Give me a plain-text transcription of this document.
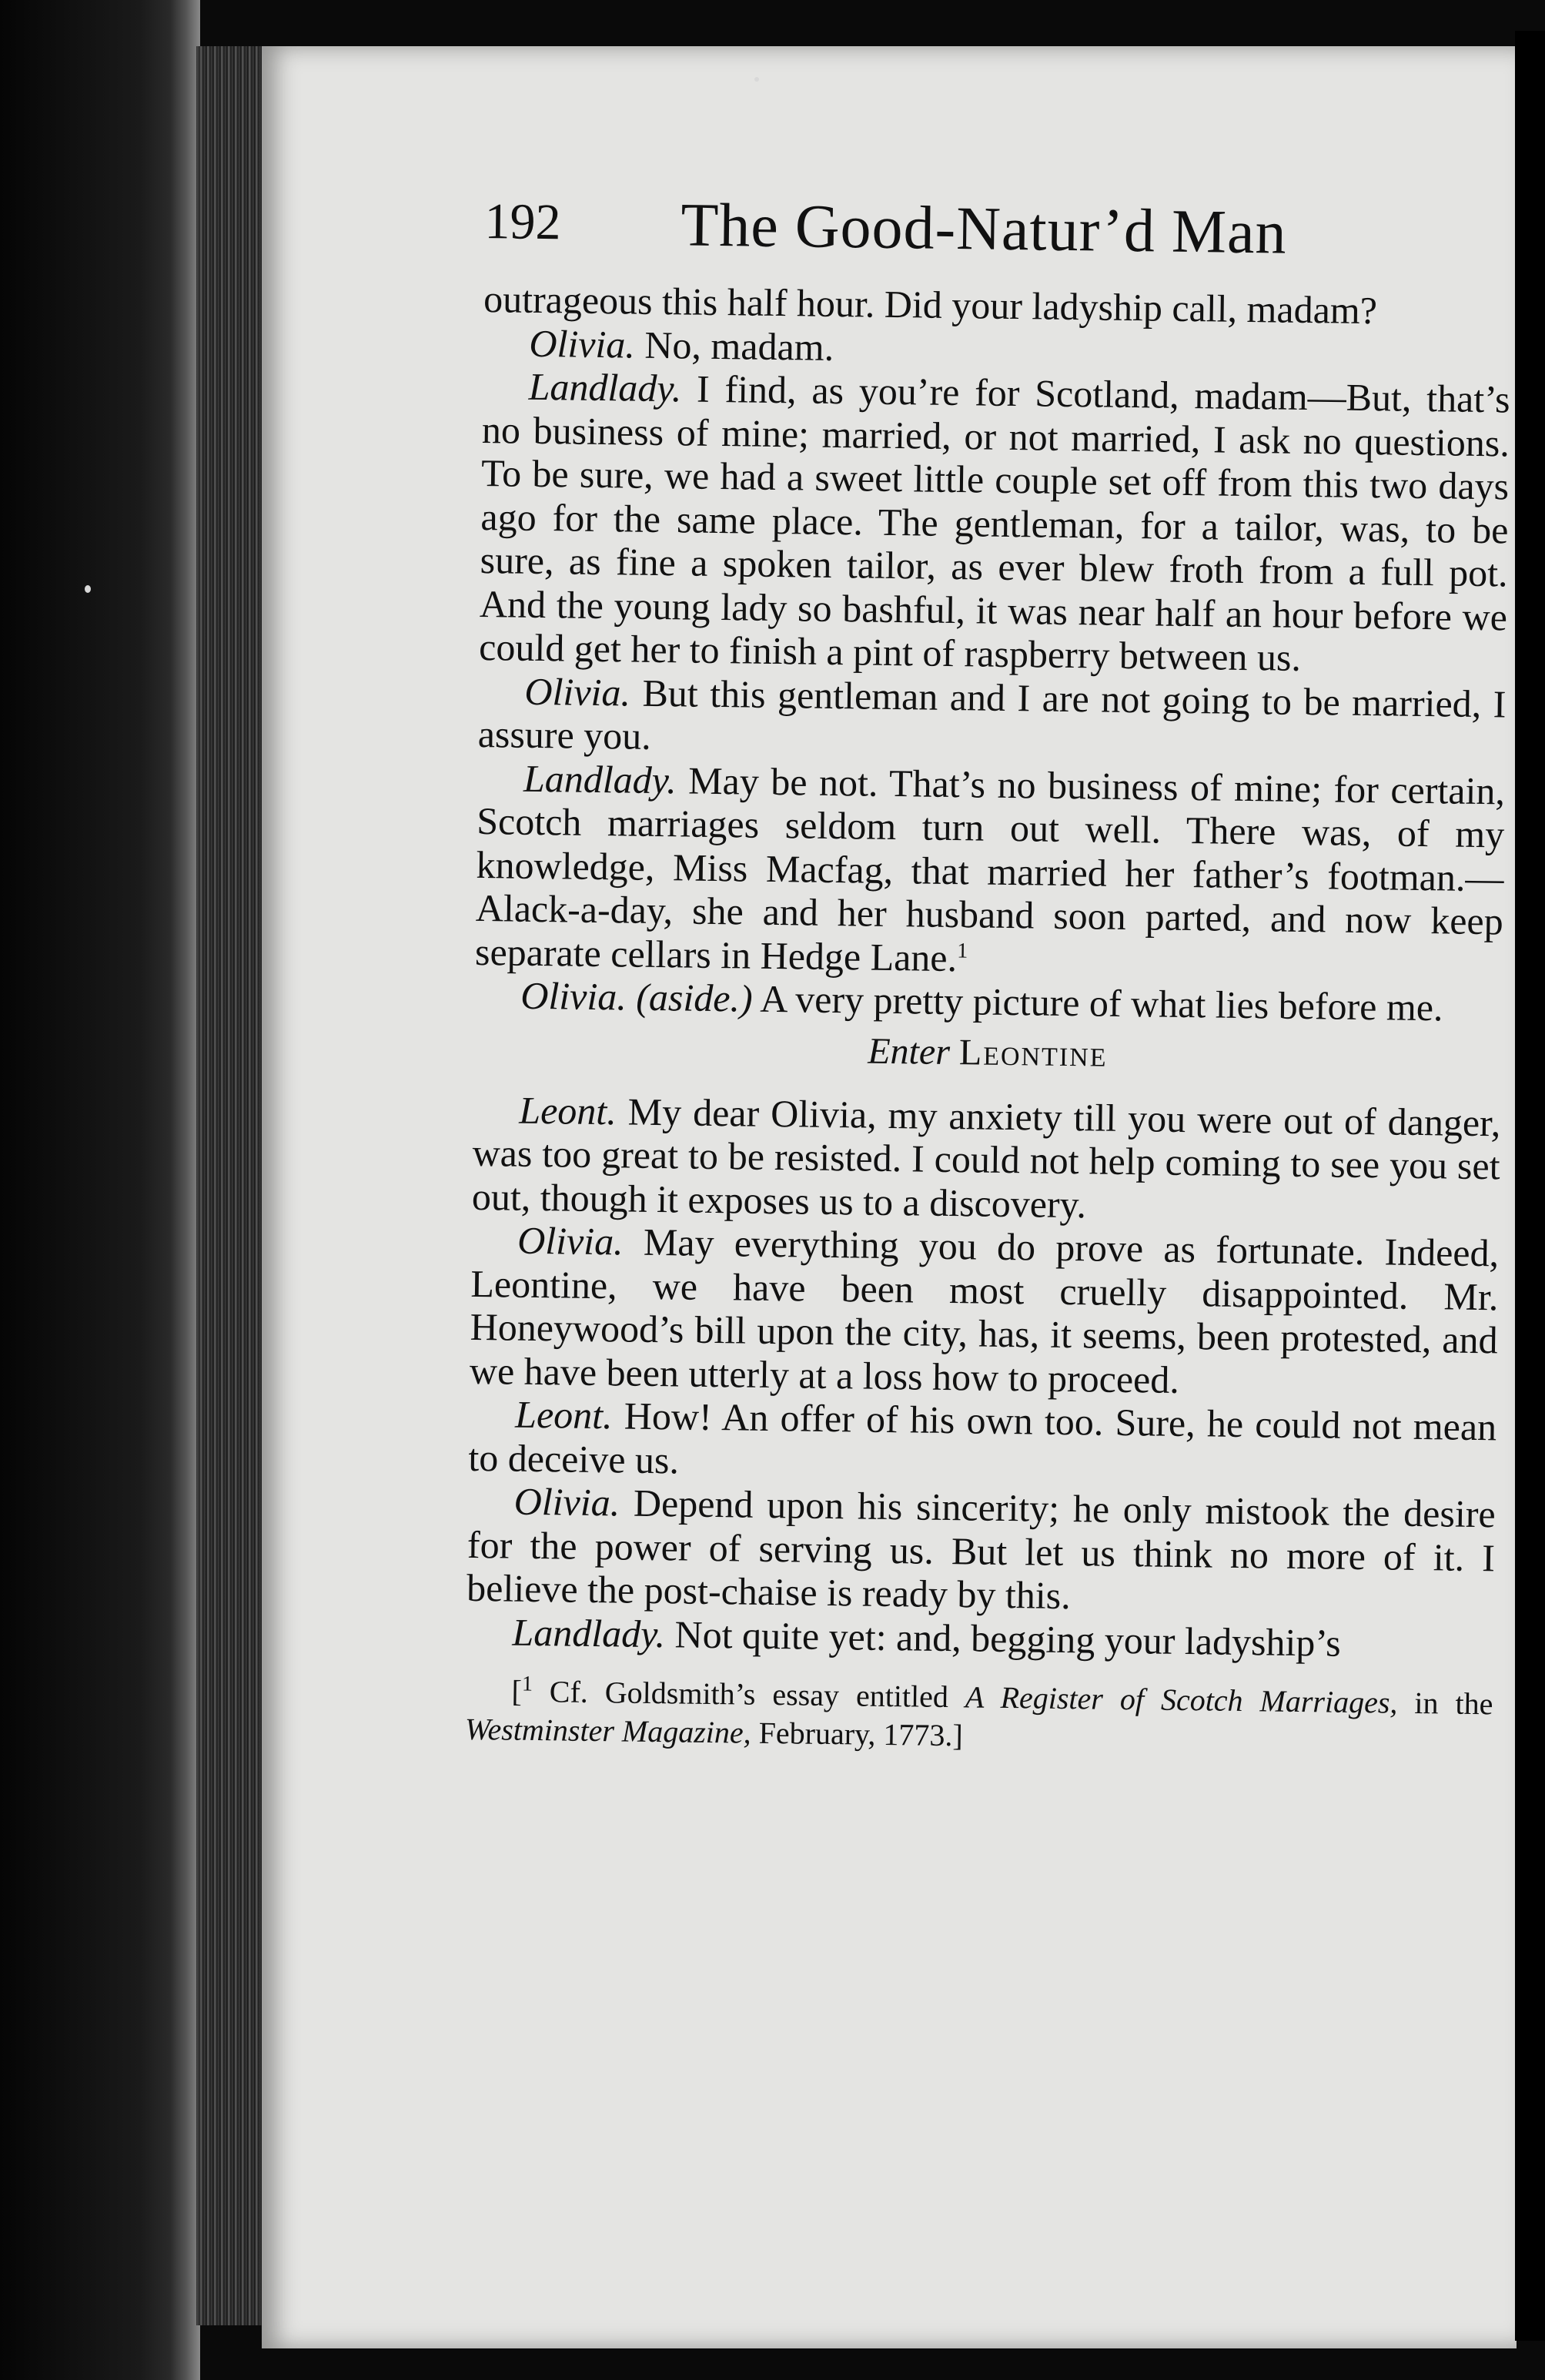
192 The Good-Natur’d Man

outrageous this half hour. Did your ladyship call, madam?

Olivia. No, madam.

Landlady. I find, as you’re for Scotland, madam—But, that’s no business of mine; married, or not married, I ask no questions. To be sure, we had a sweet little couple set off from this two days ago for the same place. The gentleman, for a tailor, was, to be sure, as fine a spoken tailor, as ever blew froth from a full pot. And the young lady so bashful, it was near half an hour before we could get her to finish a pint of raspberry between us.

Olivia. But this gentleman and I are not going to be married, I assure you.

Landlady. May be not. That’s no business of mine; for certain, Scotch marriages seldom turn out well. There was, of my knowledge, Miss Macfag, that married her father’s footman.—Alack-a-day, she and her husband soon parted, and now keep separate cellars in Hedge Lane.$^1$

Olivia. (aside.) A very pretty picture of what lies before me.

Enter Leontine

Leont. My dear Olivia, my anxiety till you were out of danger, was too great to be resisted. I could not help coming to see you set out, though it exposes us to a discovery.

Olivia. May everything you do prove as fortunate. Indeed, Leontine, we have been most cruelly disappointed. Mr. Honeywood’s bill upon the city, has, it seems, been protested, and we have been utterly at a loss how to proceed.

Leont. How! An offer of his own too. Sure, he could not mean to deceive us.

Olivia. Depend upon his sincerity; he only mistook the desire for the power of serving us. But let us think no more of it. I believe the post-chaise is ready by this.

Landlady. Not quite yet: and, begging your ladyship’s

[$^1$ Cf. Goldsmith’s essay entitled A Register of Scotch Marriages, in the Westminster Magazine, February, 1773.]
